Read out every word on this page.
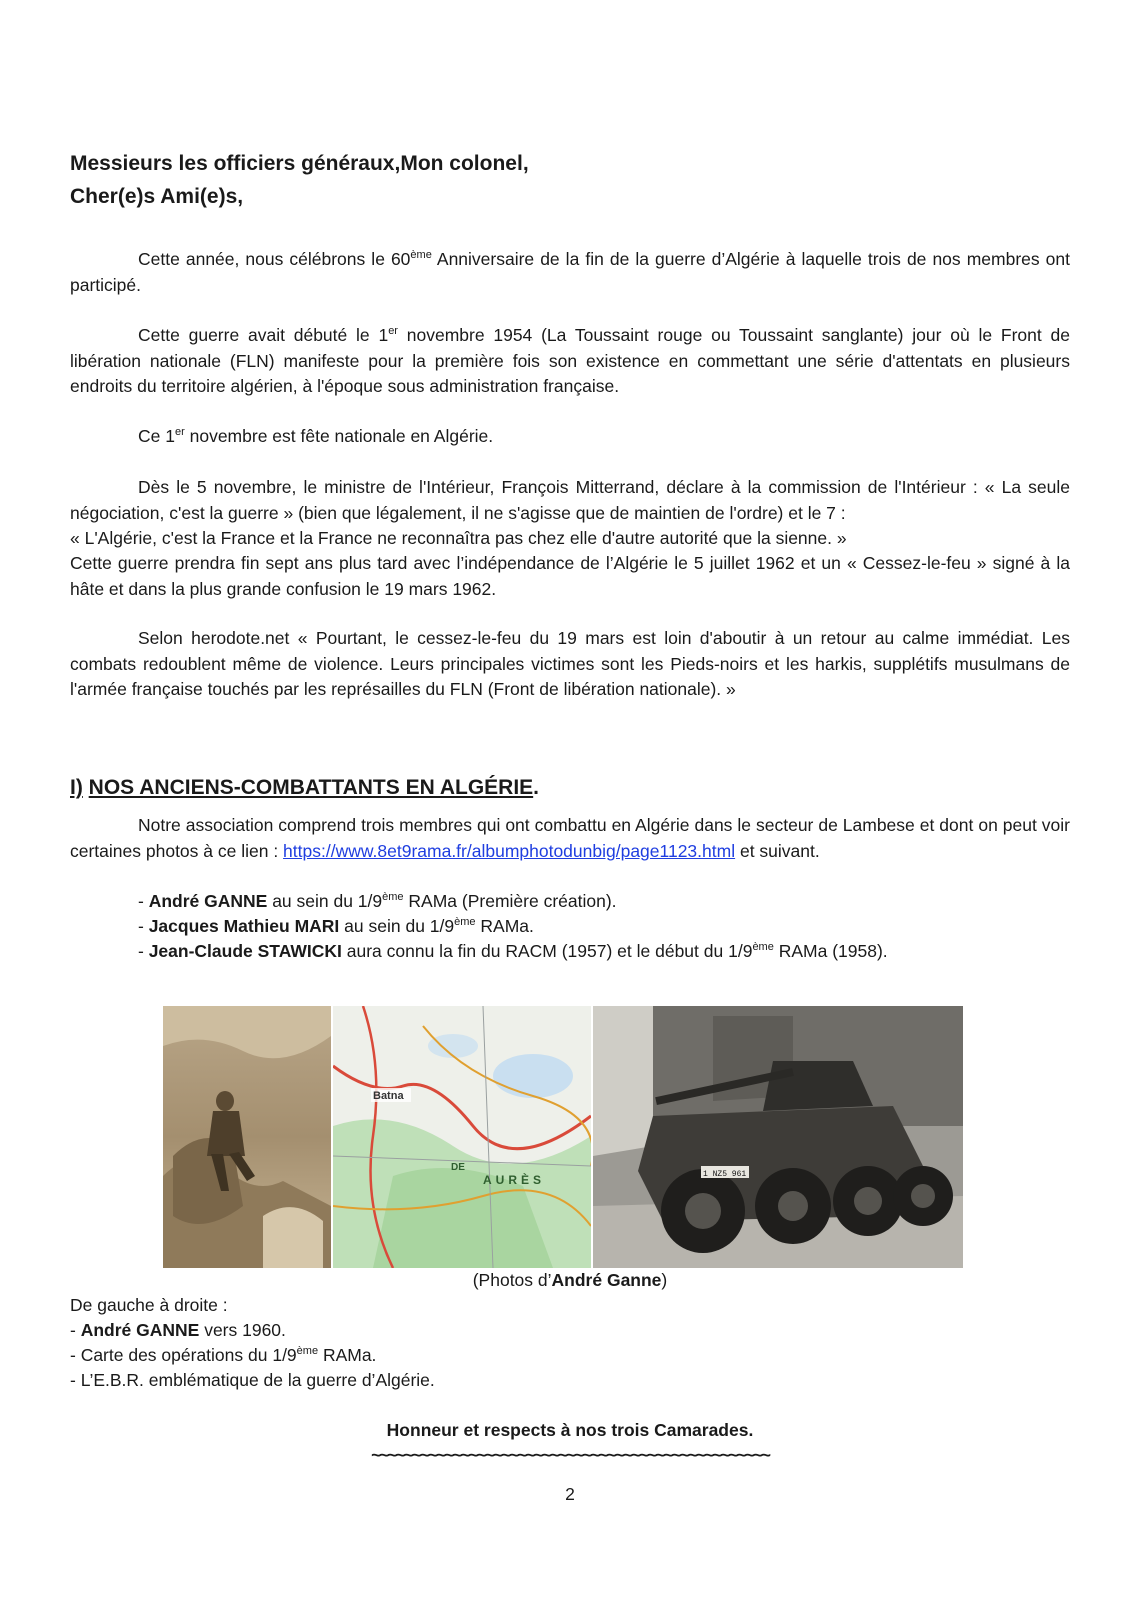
Messieurs les officiers généraux,Mon colonel,
Cher(e)s Ami(e)s,

Cette année, nous célébrons le 60ème Anniversaire de la fin de la guerre d’Algérie à laquelle trois de nos membres ont participé.

Cette guerre avait débuté le 1er novembre 1954 (La Toussaint rouge ou Toussaint sanglante) jour où le Front de libération nationale (FLN) manifeste pour la première fois son existence en commettant une série d'attentats en plusieurs endroits du territoire algérien, à l'époque sous administration française.

Ce 1er novembre est fête nationale en Algérie.

Dès le 5 novembre, le ministre de l'Intérieur, François Mitterrand, déclare à la commission de l'Intérieur : « La seule négociation, c'est la guerre » (bien que légalement, il ne s'agisse que de maintien de l'ordre) et le 7 :

« L'Algérie, c'est la France et la France ne reconnaîtra pas chez elle d'autre autorité que la sienne. »

Cette guerre prendra fin sept ans plus tard avec l’indépendance de l’Algérie le 5 juillet 1962 et un « Cessez-le-feu » signé à la hâte et dans la plus grande confusion le 19 mars 1962.

Selon herodote.net « Pourtant, le cessez-le-feu du 19 mars est loin d'aboutir à un retour au calme immédiat. Les combats redoublent même de violence. Leurs principales victimes sont les Pieds-noirs et les harkis, supplétifs musulmans de l'armée française touchés par les représailles du FLN (Front de libération nationale). »

I) NOS ANCIENS-COMBATTANTS EN ALGÉRIE.

Notre association comprend trois membres qui ont combattu en Algérie dans le secteur de Lambese et dont on peut voir certaines photos à ce lien : https://www.8et9rama.fr/albumphotodunbig/page1123.html et suivant.

- André GANNE au sein du 1/9ème RAMa (Première création).
- Jacques Mathieu MARI au sein du 1/9ème RAMa.
- Jean-Claude STAWICKI aura connu la fin du RACM (1957) et le début du 1/9ème RAMa (1958).
Batna
AURÈS
DE
1 NZ5 961
(Photos d’André Ganne)
De gauche à droite :
- André GANNE vers 1960.
- Carte des opérations du 1/9ème RAMa.
- L’E.B.R. emblématique de la guerre d’Algérie.
Honneur et respects à nos trois Camarades.
~~~~~~~~~~~~~~~~~~~~~~~~~~~~~~~~~~~~~~~~~~~~~~~~~
2
